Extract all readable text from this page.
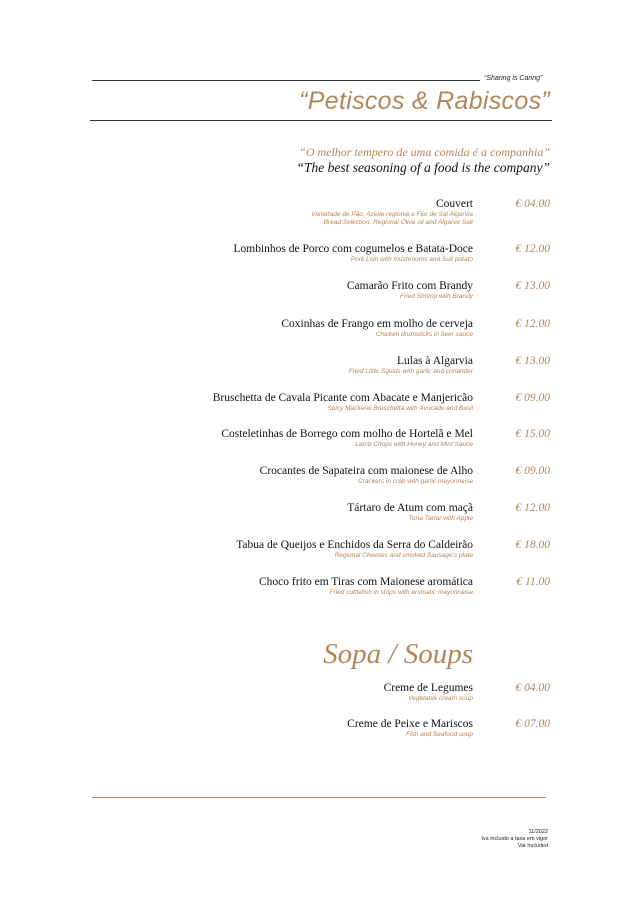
“Sharing is Caring”
“Petiscos & Rabiscos”
“O melhor tempero de uma comida é a companhia”
“The best seasoning of a food is the company”
Couvert
Variedade de Pão, Azeite regional e Flor de Sal Algarvia
Bread Selection, Regional Olive oil and Algarve Salt
€ 04.00
Lombinhos de Porco com cogumelos e Batata-Doce
Pork Loin with mushrooms and Suit potato
€ 12.00
Camarão Frito com Brandy
Fried Shrimp with Brandy
€ 13.00
Coxinhas de Frango em molho de cerveja
Chicken drumsticks in beer sauce
€ 12.00
Lulas à Algarvia
Fried Little Squids with garlic and coriander
€ 13.00
Bruschetta de Cavala Picante com Abacate e Manjericão
Spicy Mackerel Bruschetta with Avocado and Basil
€ 09.00
Costeletinhas de Borrego com molho de Hortelã e Mel
Lamb Chops with Honey and Mint Sauce
€ 15.00
Crocantes de Sapateira com maionese de Alho
Crackers in crab with garlic mayonnaise
€ 09.00
Tártaro de Atum com maçã
Tuna Tartar with Apple
€ 12.00
Tabua de Queijos e Enchidos da Serra do Caldeirão
Regional Cheeses and smoked Sausage’s plate
€ 18.00
Choco frito em Tiras com Maionese aromática
Fried cuttlefish in strips with aromatic mayonnaise
€ 11.00
Sopa / Soups
Creme de Legumes
Vegetable cream soup
€ 04.00
Creme de Peixe e Mariscos
Fish and Seafood soup
€ 07.00
11/2022
Iva incluido a taxa em vigor
Vat Included
